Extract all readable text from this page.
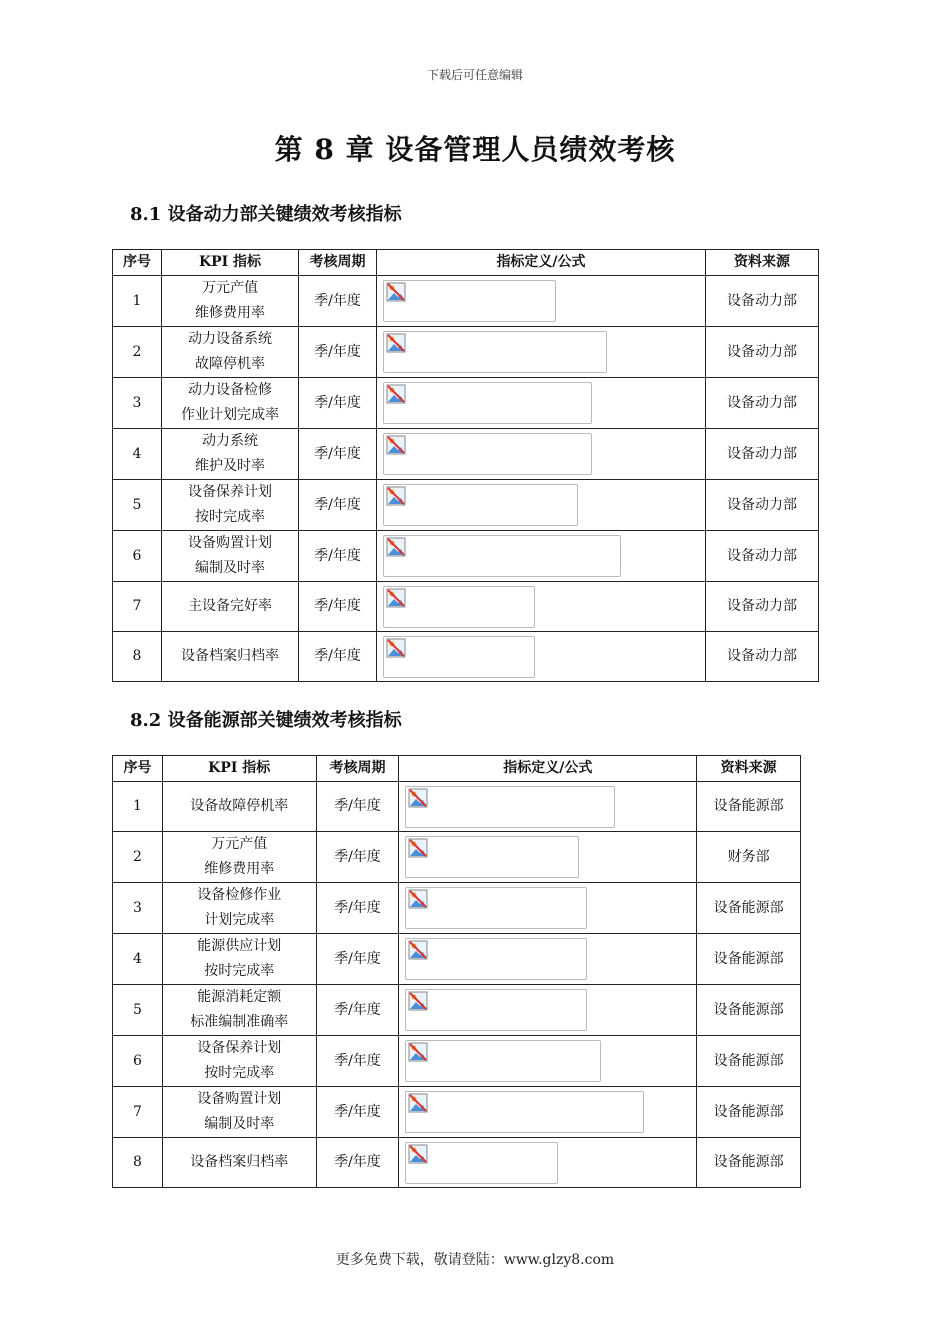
下载后可任意编辑
第 8 章 设备管理人员绩效考核
8.1 设备动力部关键绩效考核指标
序号	KPI 指标	考核周期	指标定义/公式	资料来源
1	万元产值
维修费用率	季/年度		设备动力部
2	动力设备系统
故障停机率	季/年度		设备动力部
3	动力设备检修
作业计划完成率	季/年度		设备动力部
4	动力系统
维护及时率	季/年度		设备动力部
5	设备保养计划
按时完成率	季/年度		设备动力部
6	设备购置计划
编制及时率	季/年度		设备动力部
7	主设备完好率	季/年度		设备动力部
8	设备档案归档率	季/年度		设备动力部
8.2 设备能源部关键绩效考核指标
序号	KPI 指标	考核周期	指标定义/公式	资料来源
1	设备故障停机率	季/年度		设备能源部
2	万元产值
维修费用率	季/年度		财务部
3	设备检修作业
计划完成率	季/年度		设备能源部
4	能源供应计划
按时完成率	季/年度		设备能源部
5	能源消耗定额
标准编制准确率	季/年度		设备能源部
6	设备保养计划
按时完成率	季/年度		设备能源部
7	设备购置计划
编制及时率	季/年度		设备能源部
8	设备档案归档率	季/年度		设备能源部
更多免费下载，敬请登陆：www.glzy8.com
